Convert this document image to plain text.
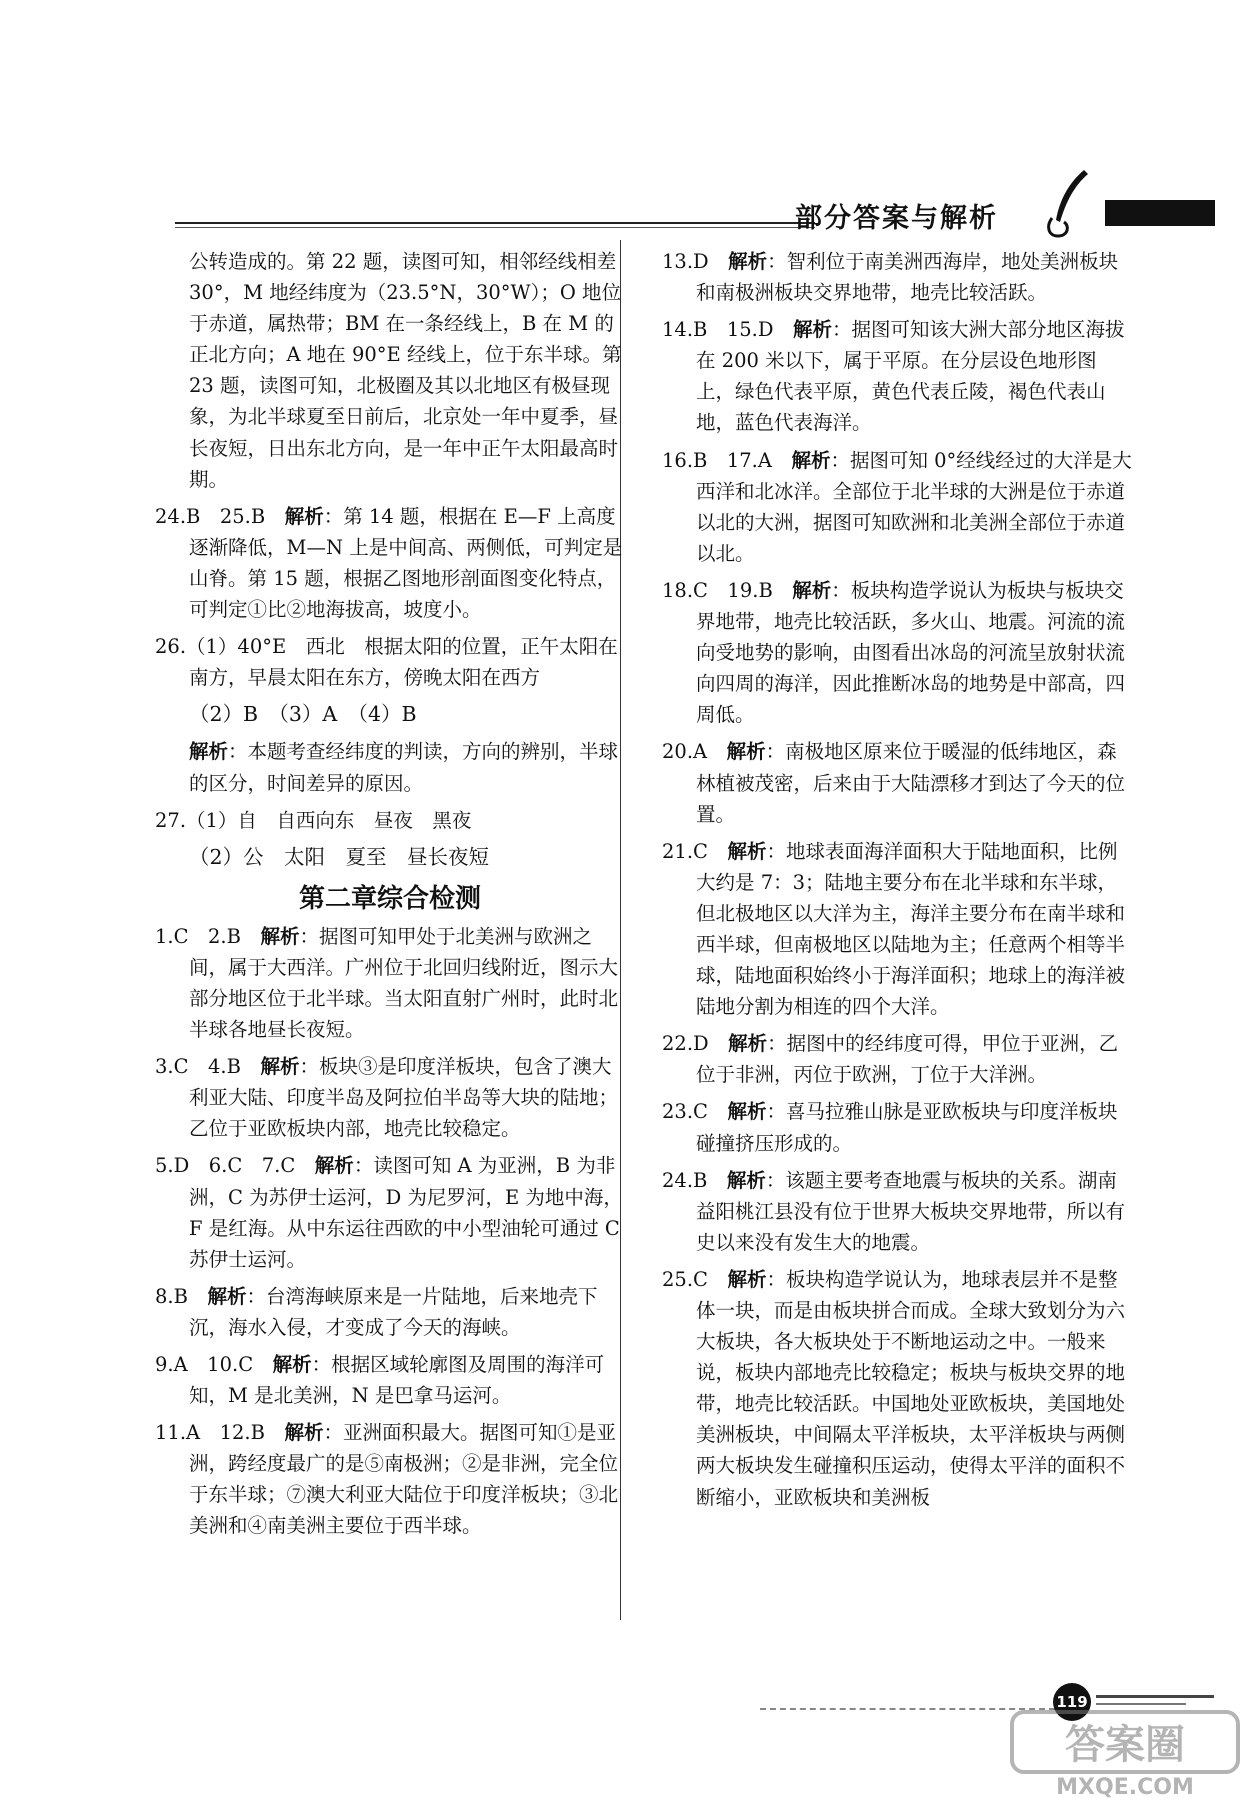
部分答案与解析
公转造成的。第 22 题，读图可知，相邻经线相差 30°，M 地经纬度为（23.5°N，30°W）；O 地位于赤道，属热带；BM 在一条经线上，B 在 M 的正北方向；A 地在 90°E 经线上，位于东半球。第 23 题，读图可知，北极圈及其以北地区有极昼现象，为北半球夏至日前后，北京处一年中夏季，昼长夜短，日出东北方向，是一年中正午太阳最高时期。
24.B　25.B　解析：第 14 题，根据在 E—F 上高度逐渐降低，M—N 上是中间高、两侧低，可判定是山脊。第 15 题，根据乙图地形剖面图变化特点，可判定①比②地海拔高，坡度小。
26.（1）40°E　西北　根据太阳的位置，正午太阳在南方，早晨太阳在东方，傍晚太阳在西方
（2）B　（3）A　（4）B
解析：本题考查经纬度的判读，方向的辨别，半球的区分，时间差异的原因。
27.（1）自　自西向东　昼夜　黑夜
（2）公　太阳　夏至　昼长夜短
第二章综合检测
1.C　2.B　解析：据图可知甲处于北美洲与欧洲之间，属于大西洋。广州位于北回归线附近，图示大部分地区位于北半球。当太阳直射广州时，此时北半球各地昼长夜短。
3.C　4.B　解析：板块③是印度洋板块，包含了澳大利亚大陆、印度半岛及阿拉伯半岛等大块的陆地；乙位于亚欧板块内部，地壳比较稳定。
5.D　6.C　7.C　解析：读图可知 A 为亚洲，B 为非洲，C 为苏伊士运河，D 为尼罗河，E 为地中海，F 是红海。从中东运往西欧的中小型油轮可通过 C 苏伊士运河。
8.B　解析：台湾海峡原来是一片陆地，后来地壳下沉，海水入侵，才变成了今天的海峡。
9.A　10.C　解析：根据区域轮廓图及周围的海洋可知，M 是北美洲，N 是巴拿马运河。
11.A　12.B　解析：亚洲面积最大。据图可知①是亚洲，跨经度最广的是⑤南极洲；②是非洲，完全位于东半球；⑦澳大利亚大陆位于印度洋板块；③北美洲和④南美洲主要位于西半球。
13.D　解析：智利位于南美洲西海岸，地处美洲板块和南极洲板块交界地带，地壳比较活跃。
14.B　15.D　解析：据图可知该大洲大部分地区海拔在 200 米以下，属于平原。在分层设色地形图上，绿色代表平原，黄色代表丘陵，褐色代表山地，蓝色代表海洋。
16.B　17.A　解析：据图可知 0°经线经过的大洋是大西洋和北冰洋。全部位于北半球的大洲是位于赤道以北的大洲，据图可知欧洲和北美洲全部位于赤道以北。
18.C　19.B　解析：板块构造学说认为板块与板块交界地带，地壳比较活跃，多火山、地震。河流的流向受地势的影响，由图看出冰岛的河流呈放射状流向四周的海洋，因此推断冰岛的地势是中部高，四周低。
20.A　解析：南极地区原来位于暖湿的低纬地区，森林植被茂密，后来由于大陆漂移才到达了今天的位置。
21.C　解析：地球表面海洋面积大于陆地面积，比例大约是 7：3；陆地主要分布在北半球和东半球，但北极地区以大洋为主，海洋主要分布在南半球和西半球，但南极地区以陆地为主；任意两个相等半球，陆地面积始终小于海洋面积；地球上的海洋被陆地分割为相连的四个大洋。
22.D　解析：据图中的经纬度可得，甲位于亚洲，乙位于非洲，丙位于欧洲，丁位于大洋洲。
23.C　解析：喜马拉雅山脉是亚欧板块与印度洋板块碰撞挤压形成的。
24.B　解析：该题主要考查地震与板块的关系。湖南益阳桃江县没有位于世界大板块交界地带，所以有史以来没有发生大的地震。
25.C　解析：板块构造学说认为，地球表层并不是整体一块，而是由板块拼合而成。全球大致划分为六大板块，各大板块处于不断地运动之中。一般来说，板块内部地壳比较稳定；板块与板块交界的地带，地壳比较活跃。中国地处亚欧板块，美国地处美洲板块，中间隔太平洋板块，太平洋板块与两侧两大板块发生碰撞积压运动，使得太平洋的面积不断缩小，亚欧板块和美洲板
119
答案圈
MXQE.COM
